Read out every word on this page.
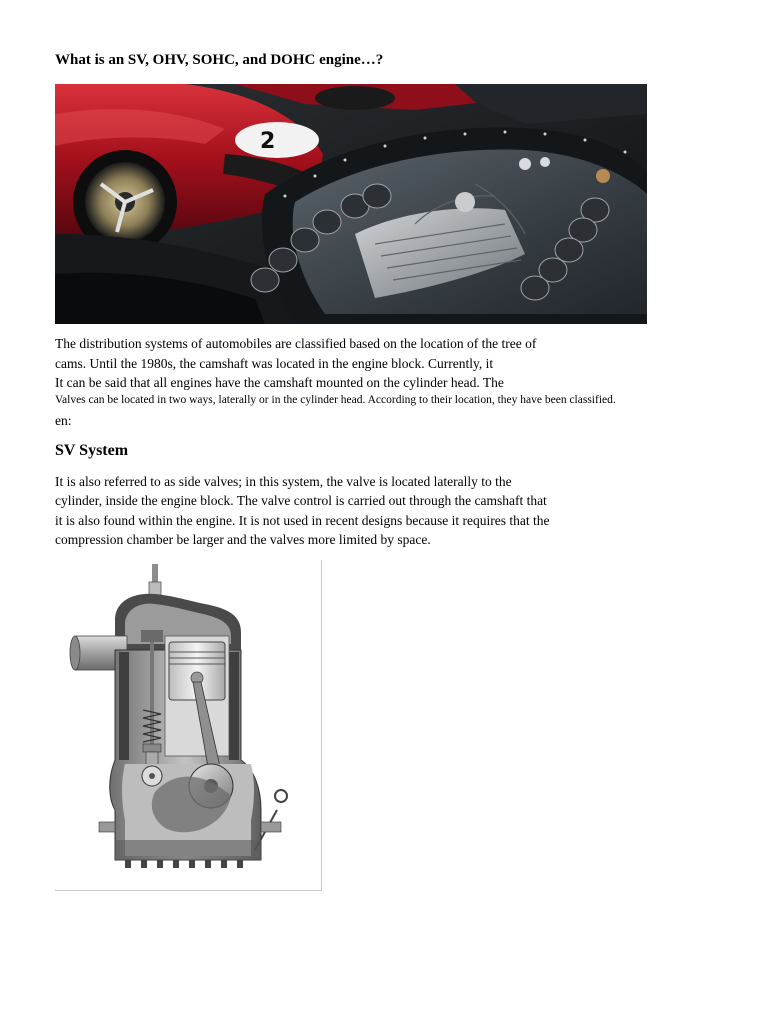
What is an SV, OHV, SOHC, and DOHC engine…?
2

The distribution systems of automobiles are classified based on the location of the tree of

cams. Until the 1980s, the camshaft was located in the engine block. Currently, it

It can be said that all engines have the camshaft mounted on the cylinder head. The

Valves can be located in two ways, laterally or in the cylinder head. According to their location, they have been classified.

en:

SV System

It is also referred to as side valves; in this system, the valve is located laterally to the

cylinder, inside the engine block. The valve control is carried out through the camshaft that

it is also found within the engine. It is not used in recent designs because it requires that the

compression chamber be larger and the valves more limited by space.
